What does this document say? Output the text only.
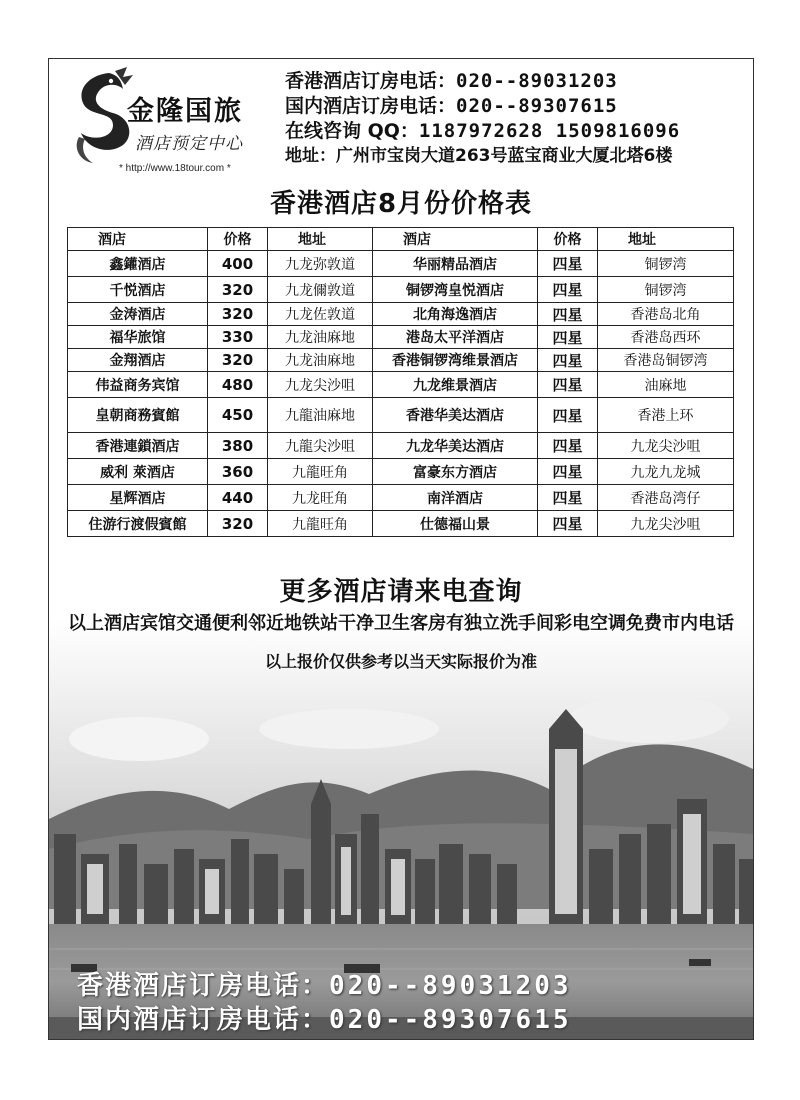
金隆国旅
酒店预定中心
* http://www.18tour.com *
香港酒店订房电话：020--89031203
国内酒店订房电话：020--89307615
在线咨询 QQ：1187972628 1509816096
地址：广州市宝岗大道263号蓝宝商业大厦北塔6楼
香港酒店8月份价格表
酒店	价格	地址	酒店	价格	地址
鑫鑵酒店	400	九龙弥敦道	华丽精品酒店	四星	铜锣湾
千悦酒店	320	九龙儞敦道	铜锣湾皇悦酒店	四星	铜锣湾
金涛酒店	320	九龙佐敦道	北角海逸酒店	四星	香港岛北角
福华旅馆	330	九龙油麻地	港岛太平洋酒店	四星	香港岛西环
金翔酒店	320	九龙油麻地	香港铜锣湾维景酒店	四星	香港岛铜锣湾
伟益商务宾馆	480	九龙尖沙咀	九龙维景酒店	四星	油麻地
皇朝商務賓館	450	九龍油麻地	香港华美达酒店	四星	香港上环
香港連鎖酒店	380	九龍尖沙咀	九龙华美达酒店	四星	九龙尖沙咀
威利 萊酒店	360	九龍旺角	富豪东方酒店	四星	九龙九龙城
星辉酒店	440	九龙旺角	南洋酒店	四星	香港岛湾仔
住游行渡假賓館	320	九龍旺角	仕德福山景	四星	九龙尖沙咀
更多酒店请来电查询
以上酒店宾馆交通便利邻近地铁站干净卫生客房有独立洗手间彩电空调免费市内电话
以上报价仅供参考以当天实际报价为准
香港酒店订房电话：020--89031203
国内酒店订房电话：020--89307615
